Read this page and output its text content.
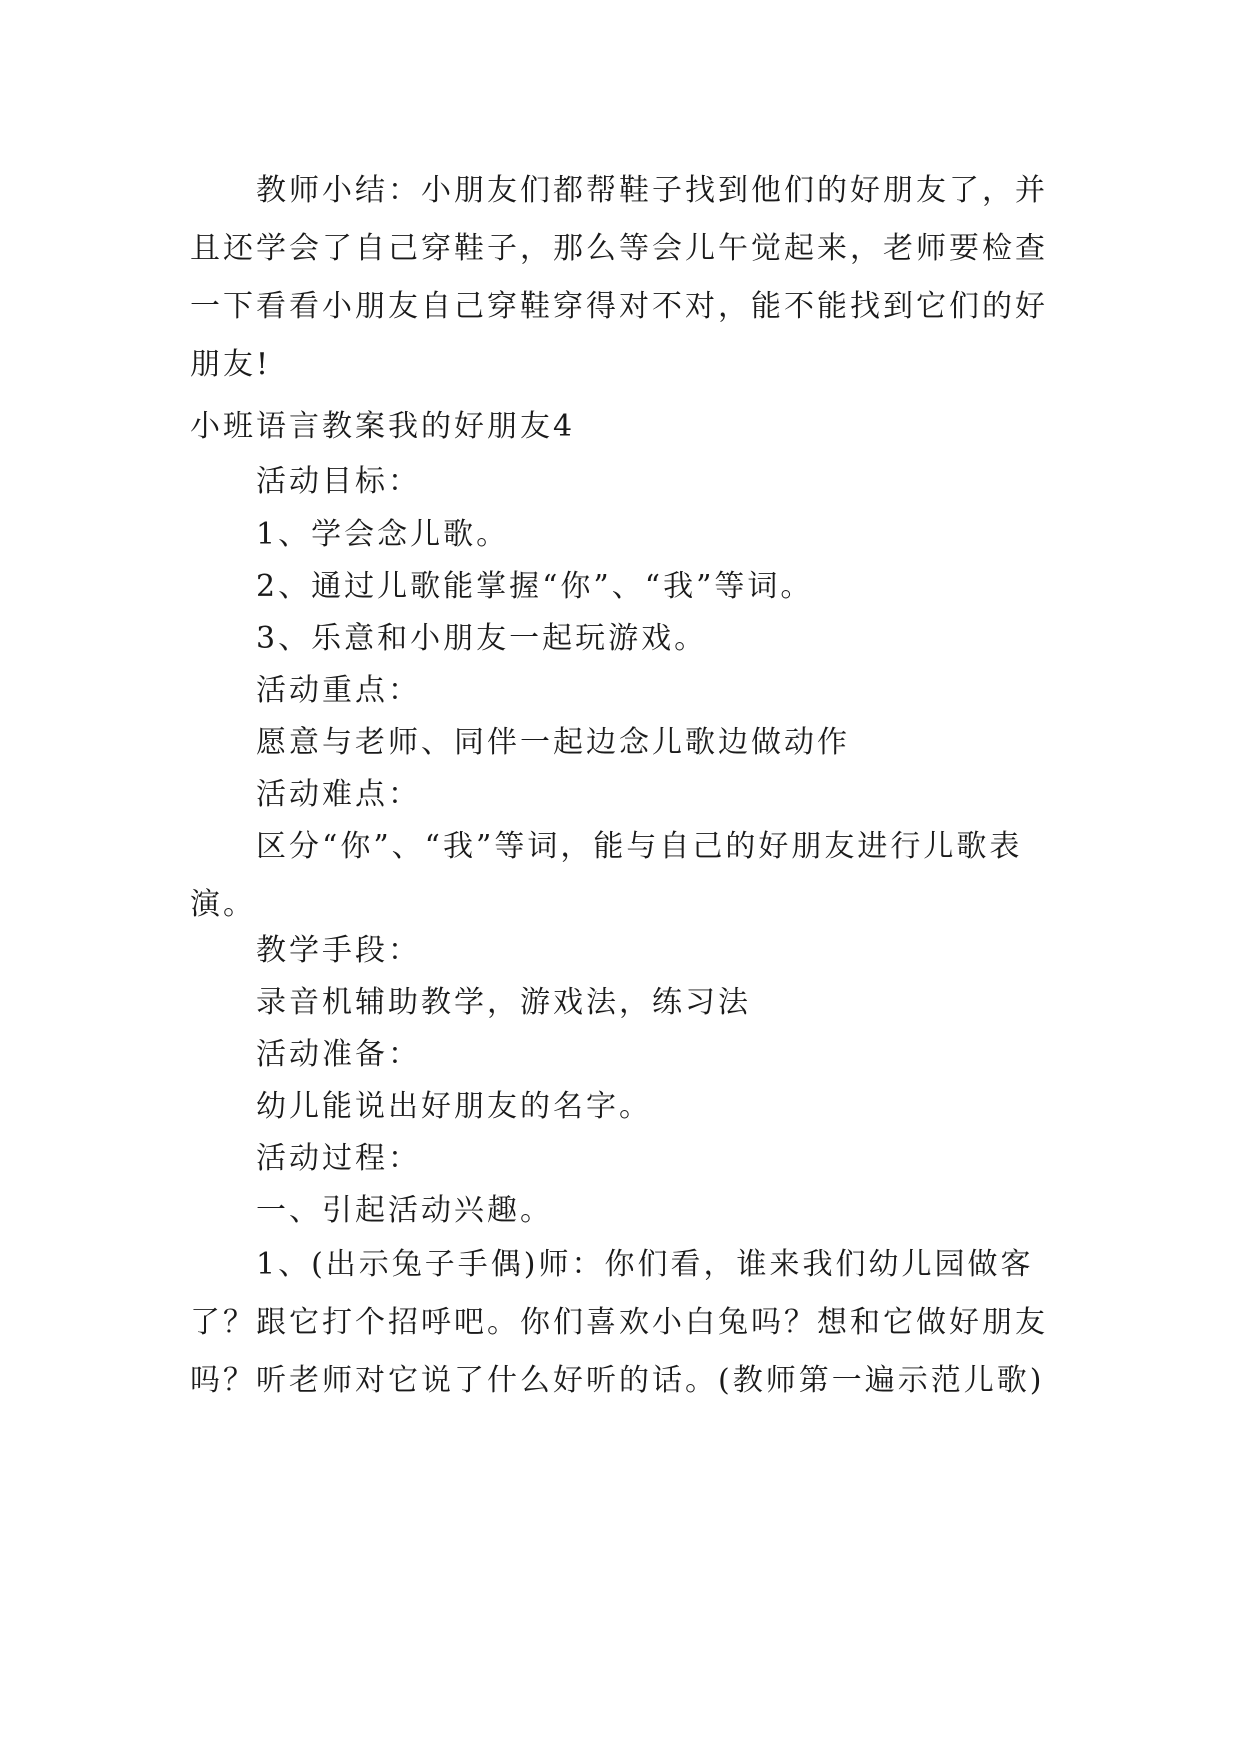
教师小结：小朋友们都帮鞋子找到他们的好朋友了，并且还学会了自己穿鞋子，那么等会儿午觉起来，老师要检查一下看看小朋友自己穿鞋穿得对不对，能不能找到它们的好朋友!

小班语言教案我的好朋友4

活动目标：

1、学会念儿歌。

2、通过儿歌能掌握“你”、“我”等词。

3、乐意和小朋友一起玩游戏。

活动重点：

愿意与老师、同伴一起边念儿歌边做动作

活动难点：

区分“你”、“我”等词，能与自己的好朋友进行儿歌表演。

教学手段：

录音机辅助教学，游戏法，练习法

活动准备：

幼儿能说出好朋友的名字。

活动过程：

一、引起活动兴趣。

1、(出示兔子手偶)师：你们看，谁来我们幼儿园做客了？跟它打个招呼吧。你们喜欢小白兔吗？想和它做好朋友吗？听老师对它说了什么好听的话。(教师第一遍示范儿歌)
